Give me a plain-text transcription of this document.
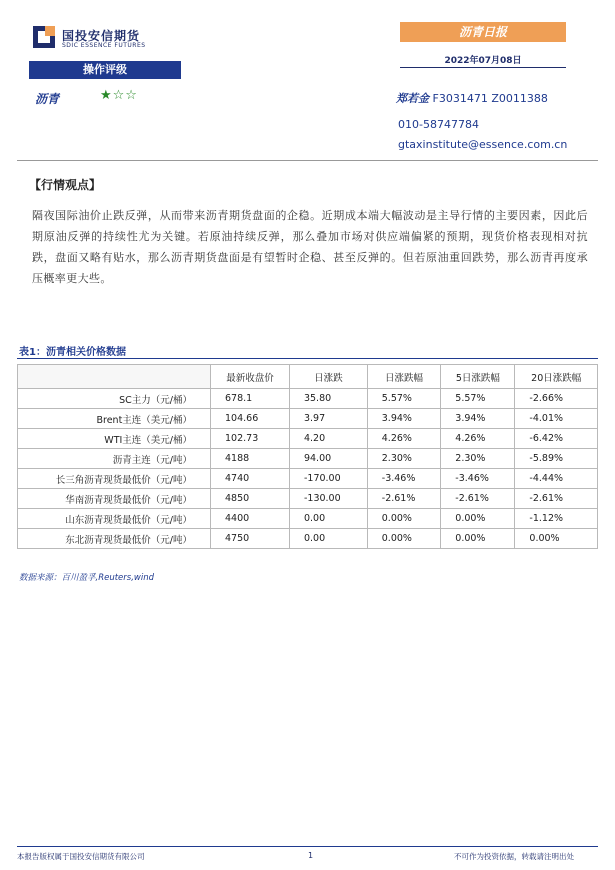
国投安信期货
SDIC ESSENCE FUTURES
操作评级
沥青日报
2022年07月08日
沥青	★☆☆	郑若金 F3031471 Z0011388
010-58747784
gtaxinstitute@essence.com.cn
【行情观点】
隔夜国际油价止跌反弹，从而带来沥青期货盘面的企稳。近期成本端大幅波动是主导行情的主要因素，因此后期原油反弹的持续性尤为关键。若原油持续反弹，那么叠加市场对供应端偏紧的预期，现货价格表现相对抗跌，盘面又略有贴水，那么沥青期货盘面是有望暂时企稳、甚至反弹的。但若原油重回跌势，那么沥青再度承压概率更大些。
表1：沥青相关价格数据
	最新收盘价	日涨跌	日涨跌幅	5日涨跌幅	20日涨跌幅
SC主力（元/桶）	678.1	35.80	5.57%	5.57%	-2.66%
Brent主连（美元/桶）	104.66	3.97	3.94%	3.94%	-4.01%
WTI主连（美元/桶）	102.73	4.20	4.26%	4.26%	-6.42%
沥青主连（元/吨）	4188	94.00	2.30%	2.30%	-5.89%
长三角沥青现货最低价（元/吨）	4740	-170.00	-3.46%	-3.46%	-4.44%
华南沥青现货最低价（元/吨）	4850	-130.00	-2.61%	-2.61%	-2.61%
山东沥青现货最低价（元/吨）	4400	0.00	0.00%	0.00%	-1.12%
东北沥青现货最低价（元/吨）	4750	0.00	0.00%	0.00%	0.00%
数据来源：百川盈孚,Reuters,wind
本报告版权属于国投安信期货有限公司	1	不可作为投资依据，转载请注明出处
